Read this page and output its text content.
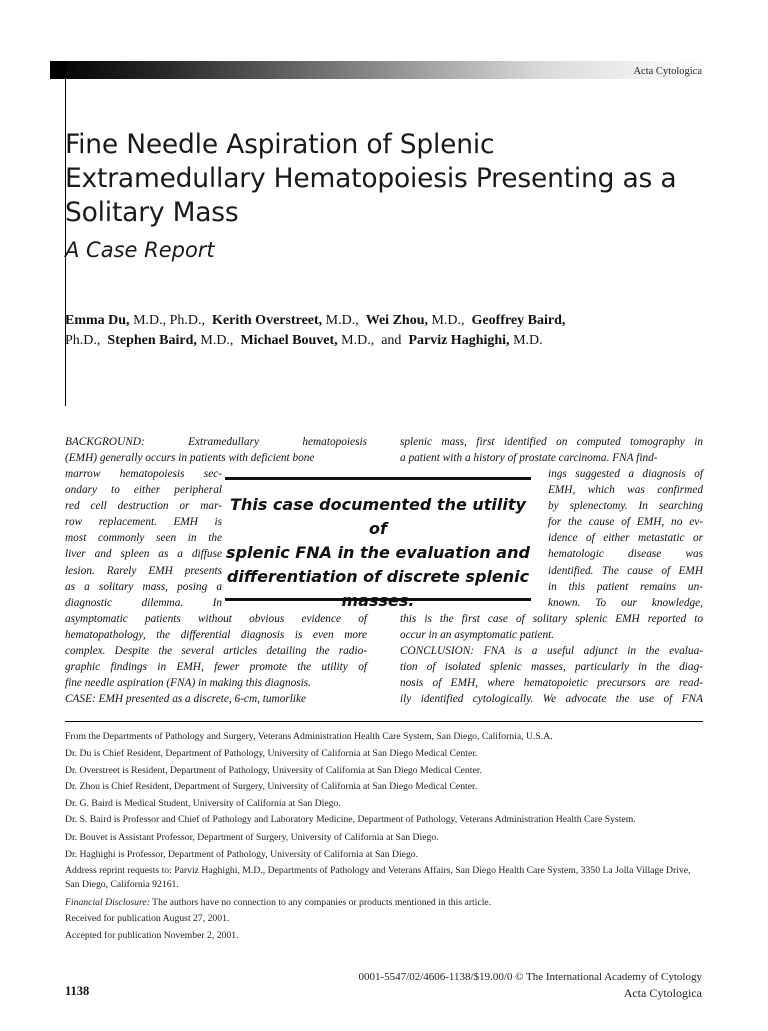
Acta Cytologica
Fine Needle Aspiration of Splenic
Extramedullary Hematopoiesis Presenting as a
Solitary Mass
A Case Report
Emma Du, M.D., Ph.D., Kerith Overstreet, M.D., Wei Zhou, M.D., Geoffrey Baird,
Ph.D., Stephen Baird, M.D., Michael Bouvet, M.D., and Parviz Haghighi, M.D.
BACKGROUND: Extramedullary hematopoiesis
(EMH) generally occurs in patients with deficient bone
marrow hematopoiesis sec-
ondary to either peripheral
red cell destruction or mar-
row replacement. EMH is
most commonly seen in the
liver and spleen as a diffuse
lesion. Rarely EMH presents
as a solitary mass, posing a
diagnostic dilemma. In
asymptomatic patients without obvious evidence of
hematopathology, the differential diagnosis is even more
complex. Despite the several articles detailing the radio-
graphic findings in EMH, fewer promote the utility of
fine needle aspiration (FNA) in making this diagnosis.
CASE: EMH presented as a discrete, 6-cm, tumorlike
splenic mass, first identified on computed tomography in
a patient with a history of prostate carcinoma. FNA find-
ings suggested a diagnosis of
EMH, which was confirmed
by splenectomy. In searching
for the cause of EMH, no ev-
idence of either metastatic or
hematologic disease was
identified. The cause of EMH
in this patient remains un-
known. To our knowledge,
this is the first case of solitary splenic EMH reported to
occur in an asymptomatic patient.
CONCLUSION: FNA is a useful adjunct in the evalua-
tion of isolated splenic masses, particularly in the diag-
nosis of EMH, where hematopoietic precursors are read-
ily identified cytologically. We advocate the use of FNA
This case documented the utility of
splenic FNA in the evaluation and
differentiation of discrete splenic
masses.
From the Departments of Pathology and Surgery, Veterans Administration Health Care System, San Diego, California, U.S.A.
Dr. Du is Chief Resident, Department of Pathology, University of California at San Diego Medical Center.
Dr. Overstreet is Resident, Department of Pathology, University of California at San Diego Medical Center.
Dr. Zhou is Chief Resident, Department of Surgery, University of California at San Diego Medical Center.
Dr. G. Baird is Medical Student, University of California at San Diego.
Dr. S. Baird is Professor and Chief of Pathology and Laboratory Medicine, Department of Pathology, Veterans Administration Health Care System.
Dr. Bouvet is Assistant Professor, Department of Surgery, University of California at San Diego.
Dr. Haghighi is Professor, Department of Pathology, University of California at San Diego.
Address reprint requests to: Parviz Haghighi, M.D., Departments of Pathology and Veterans Affairs, San Diego Health Care System, 3350 La Jolla Village Drive, San Diego, California 92161.
Financial Disclosure: The authors have no connection to any companies or products mentioned in this article.
Received for publication August 27, 2001.
Accepted for publication November 2, 2001.
0001-5547/02/4606-1138/$19.00/0 © The International Academy of Cytology
Acta Cytologica
1138
